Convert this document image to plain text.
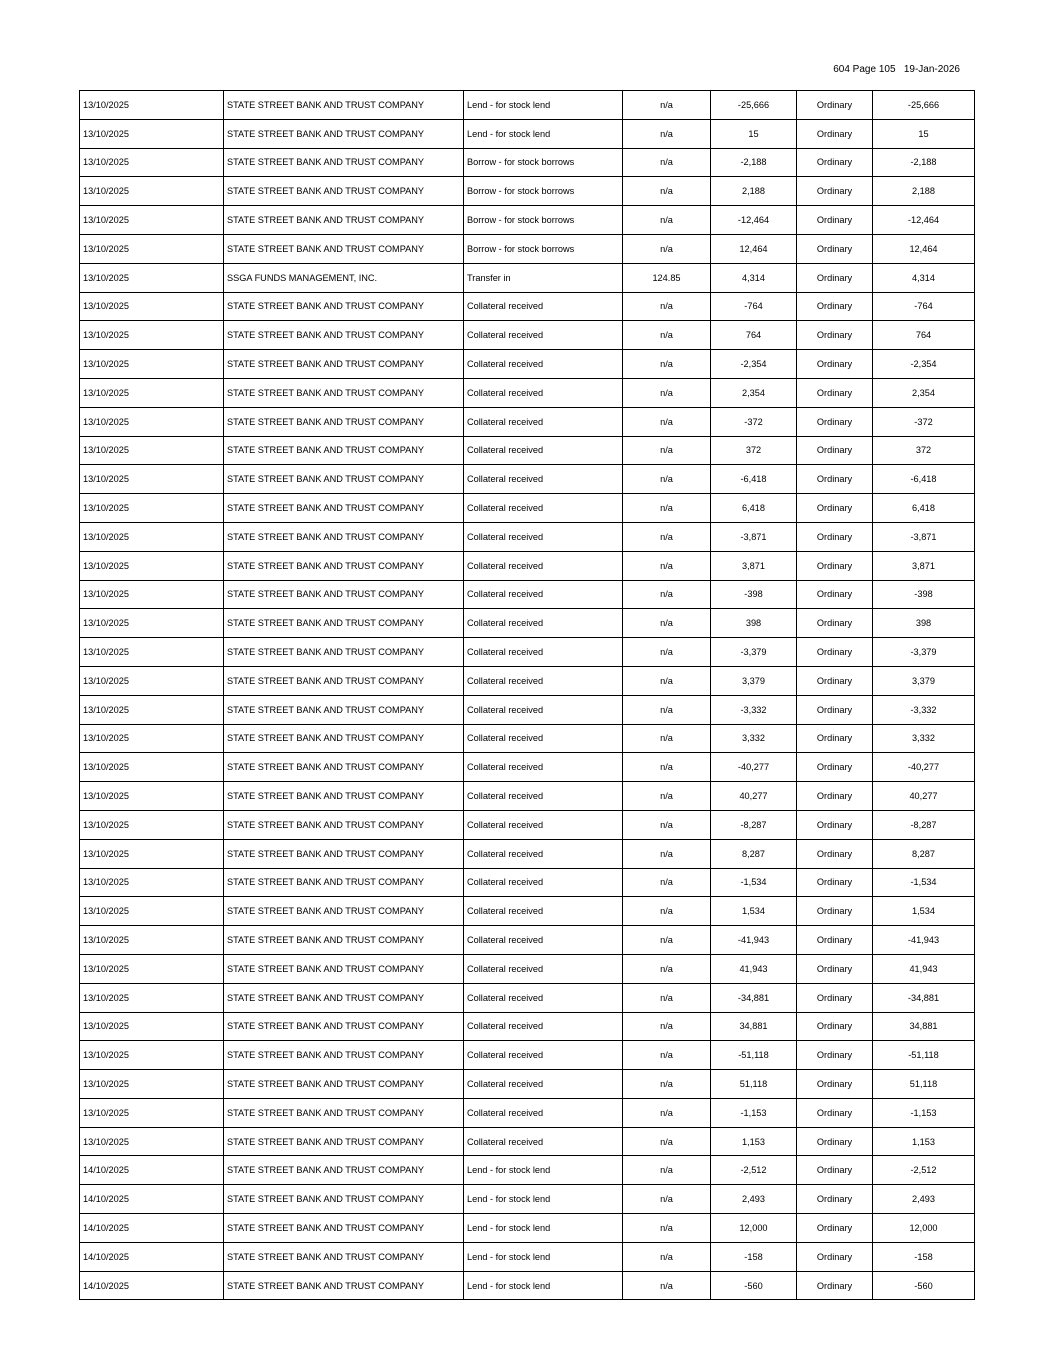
604 Page 105   19-Jan-2026
13/10/2025	STATE STREET BANK AND TRUST COMPANY	Lend - for stock lend	n/a	-25,666	Ordinary	-25,666
13/10/2025	STATE STREET BANK AND TRUST COMPANY	Lend - for stock lend	n/a	15	Ordinary	15
13/10/2025	STATE STREET BANK AND TRUST COMPANY	Borrow - for stock borrows	n/a	-2,188	Ordinary	-2,188
13/10/2025	STATE STREET BANK AND TRUST COMPANY	Borrow - for stock borrows	n/a	2,188	Ordinary	2,188
13/10/2025	STATE STREET BANK AND TRUST COMPANY	Borrow - for stock borrows	n/a	-12,464	Ordinary	-12,464
13/10/2025	STATE STREET BANK AND TRUST COMPANY	Borrow - for stock borrows	n/a	12,464	Ordinary	12,464
13/10/2025	SSGA FUNDS MANAGEMENT, INC.	Transfer in	124.85	4,314	Ordinary	4,314
13/10/2025	STATE STREET BANK AND TRUST COMPANY	Collateral received	n/a	-764	Ordinary	-764
13/10/2025	STATE STREET BANK AND TRUST COMPANY	Collateral received	n/a	764	Ordinary	764
13/10/2025	STATE STREET BANK AND TRUST COMPANY	Collateral received	n/a	-2,354	Ordinary	-2,354
13/10/2025	STATE STREET BANK AND TRUST COMPANY	Collateral received	n/a	2,354	Ordinary	2,354
13/10/2025	STATE STREET BANK AND TRUST COMPANY	Collateral received	n/a	-372	Ordinary	-372
13/10/2025	STATE STREET BANK AND TRUST COMPANY	Collateral received	n/a	372	Ordinary	372
13/10/2025	STATE STREET BANK AND TRUST COMPANY	Collateral received	n/a	-6,418	Ordinary	-6,418
13/10/2025	STATE STREET BANK AND TRUST COMPANY	Collateral received	n/a	6,418	Ordinary	6,418
13/10/2025	STATE STREET BANK AND TRUST COMPANY	Collateral received	n/a	-3,871	Ordinary	-3,871
13/10/2025	STATE STREET BANK AND TRUST COMPANY	Collateral received	n/a	3,871	Ordinary	3,871
13/10/2025	STATE STREET BANK AND TRUST COMPANY	Collateral received	n/a	-398	Ordinary	-398
13/10/2025	STATE STREET BANK AND TRUST COMPANY	Collateral received	n/a	398	Ordinary	398
13/10/2025	STATE STREET BANK AND TRUST COMPANY	Collateral received	n/a	-3,379	Ordinary	-3,379
13/10/2025	STATE STREET BANK AND TRUST COMPANY	Collateral received	n/a	3,379	Ordinary	3,379
13/10/2025	STATE STREET BANK AND TRUST COMPANY	Collateral received	n/a	-3,332	Ordinary	-3,332
13/10/2025	STATE STREET BANK AND TRUST COMPANY	Collateral received	n/a	3,332	Ordinary	3,332
13/10/2025	STATE STREET BANK AND TRUST COMPANY	Collateral received	n/a	-40,277	Ordinary	-40,277
13/10/2025	STATE STREET BANK AND TRUST COMPANY	Collateral received	n/a	40,277	Ordinary	40,277
13/10/2025	STATE STREET BANK AND TRUST COMPANY	Collateral received	n/a	-8,287	Ordinary	-8,287
13/10/2025	STATE STREET BANK AND TRUST COMPANY	Collateral received	n/a	8,287	Ordinary	8,287
13/10/2025	STATE STREET BANK AND TRUST COMPANY	Collateral received	n/a	-1,534	Ordinary	-1,534
13/10/2025	STATE STREET BANK AND TRUST COMPANY	Collateral received	n/a	1,534	Ordinary	1,534
13/10/2025	STATE STREET BANK AND TRUST COMPANY	Collateral received	n/a	-41,943	Ordinary	-41,943
13/10/2025	STATE STREET BANK AND TRUST COMPANY	Collateral received	n/a	41,943	Ordinary	41,943
13/10/2025	STATE STREET BANK AND TRUST COMPANY	Collateral received	n/a	-34,881	Ordinary	-34,881
13/10/2025	STATE STREET BANK AND TRUST COMPANY	Collateral received	n/a	34,881	Ordinary	34,881
13/10/2025	STATE STREET BANK AND TRUST COMPANY	Collateral received	n/a	-51,118	Ordinary	-51,118
13/10/2025	STATE STREET BANK AND TRUST COMPANY	Collateral received	n/a	51,118	Ordinary	51,118
13/10/2025	STATE STREET BANK AND TRUST COMPANY	Collateral received	n/a	-1,153	Ordinary	-1,153
13/10/2025	STATE STREET BANK AND TRUST COMPANY	Collateral received	n/a	1,153	Ordinary	1,153
14/10/2025	STATE STREET BANK AND TRUST COMPANY	Lend - for stock lend	n/a	-2,512	Ordinary	-2,512
14/10/2025	STATE STREET BANK AND TRUST COMPANY	Lend - for stock lend	n/a	2,493	Ordinary	2,493
14/10/2025	STATE STREET BANK AND TRUST COMPANY	Lend - for stock lend	n/a	12,000	Ordinary	12,000
14/10/2025	STATE STREET BANK AND TRUST COMPANY	Lend - for stock lend	n/a	-158	Ordinary	-158
14/10/2025	STATE STREET BANK AND TRUST COMPANY	Lend - for stock lend	n/a	-560	Ordinary	-560
